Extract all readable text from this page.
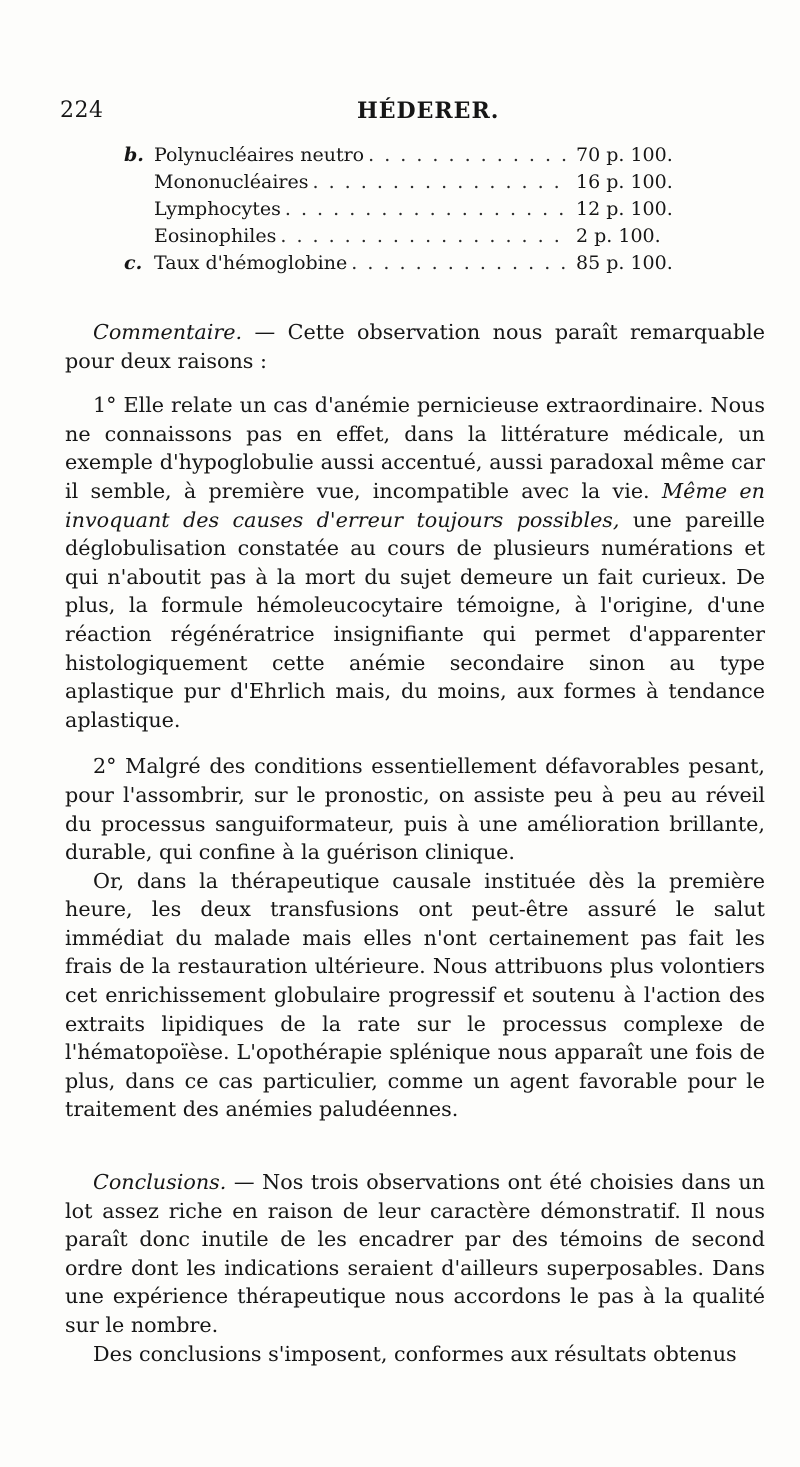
224	HÉDERER.
b. Polynucléaires neutro . . .	70 p. 100.
Mononucléaires . . .	16 p. 100.
Lymphocytes . . .	12 p. 100.
Eosinophiles . . .	2 p. 100.
c. Taux d'hémoglobine . . .	85 p. 100.

Commentaire. — Cette observation nous paraît remarquable pour deux raisons :

1° Elle relate un cas d'anémie pernicieuse extraordinaire. Nous ne connaissons pas en effet, dans la littérature médicale, un exemple d'hypoglobulie aussi accentué, aussi paradoxal même car il semble, à première vue, incompatible avec la vie. Même en invoquant des causes d'erreur toujours possibles, une pareille déglobulisation constatée au cours de plusieurs numérations et qui n'aboutit pas à la mort du sujet demeure un fait curieux. De plus, la formule hémoleucocytaire témoigne, à l'origine, d'une réaction régénératrice insignifiante qui permet d'apparenter histologiquement cette anémie secondaire sinon au type aplastique pur d'Ehrlich mais, du moins, aux formes à tendance aplastique.

2° Malgré des conditions essentiellement défavorables pesant, pour l'assombrir, sur le pronostic, on assiste peu à peu au réveil du processus sanguiformateur, puis à une amélioration brillante, durable, qui confine à la guérison clinique.

Or, dans la thérapeutique causale instituée dès la première heure, les deux transfusions ont peut-être assuré le salut immédiat du malade mais elles n'ont certainement pas fait les frais de la restauration ultérieure. Nous attribuons plus volontiers cet enrichissement globulaire progressif et soutenu à l'action des extraits lipidiques de la rate sur le processus complexe de l'hématopoïèse. L'opothérapie splénique nous apparaît une fois de plus, dans ce cas particulier, comme un agent favorable pour le traitement des anémies paludéennes.

Conclusions. — Nos trois observations ont été choisies dans un lot assez riche en raison de leur caractère démonstratif. Il nous paraît donc inutile de les encadrer par des témoins de second ordre dont les indications seraient d'ailleurs superposables. Dans une expérience thérapeutique nous accordons le pas à la qualité sur le nombre.

Des conclusions s'imposent, conformes aux résultats obtenus
